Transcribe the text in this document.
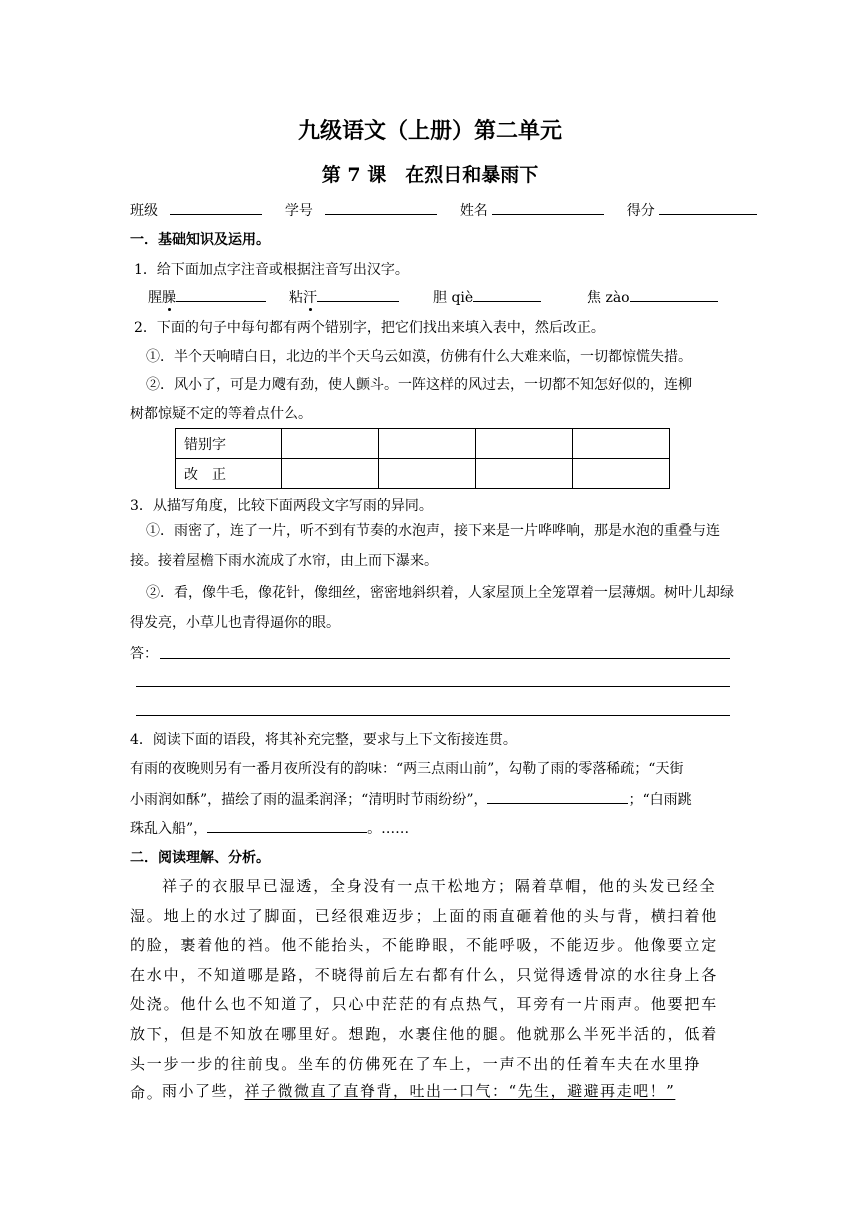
九级语文（上册）第二单元
第 7 课　在烈日和暴雨下
班级	学号	姓名	得分
一．基础知识及运用。
1．给下面加点字注音或根据注音写出汉字。
腥臊	粘汗	胆 qiè	焦 zào
2．下面的句子中每句都有两个错别字，把它们找出来填入表中，然后改正。
①．半个天响晴白日，北边的半个天乌云如漠，仿佛有什么大难来临，一切都惊慌失措。
②．风小了，可是力飕有劲，使人颤斗。一阵这样的风过去，一切都不知怎好似的，连柳
树都惊疑不定的等着点什么。
错别字				
改　正				
3．从描写角度，比较下面两段文字写雨的异同。
①．雨密了，连了一片，听不到有节奏的水泡声，接下来是一片哗哗响，那是水泡的重叠与连接。接着屋檐下雨水流成了水帘，由上而下瀑来。
②．看，像牛毛，像花针，像细丝，密密地斜织着，人家屋顶上全笼罩着一层薄烟。树叶儿却绿得发亮，小草儿也青得逼你的眼。
答：
4．阅读下面的语段，将其补充完整，要求与上下文衔接连贯。
有雨的夜晚则另有一番月夜所没有的韵味：“两三点雨山前”，勾勒了雨的零落稀疏；“天街
小雨润如酥”，描绘了雨的温柔润泽；“清明时节雨纷纷”，	；“白雨跳
珠乱入船”，	。……
二．阅读理解、分析。
祥子的衣服早已湿透，全身没有一点干松地方；隔着草帽，他的头发已经全湿。地上的水过了脚面，已经很难迈步；上面的雨直砸着他的头与背，横扫着他的脸，裹着他的裆。他不能抬头，不能睁眼，不能呼吸，不能迈步。他像要立定在水中，不知道哪是路，不晓得前后左右都有什么，只觉得透骨凉的水往身上各处浇。他什么也不知道了，只心中茫茫的有点热气，耳旁有一片雨声。他要把车放下，但是不知放在哪里好。想跑，水裹住他的腿。他就那么半死半活的，低着头一步一步的往前曳。坐车的仿佛死在了车上，一声不出的任着车夫在水里挣命。
雨小了些，祥子微微直了直脊背，吐出一口气：“先生，避避再走吧！”
